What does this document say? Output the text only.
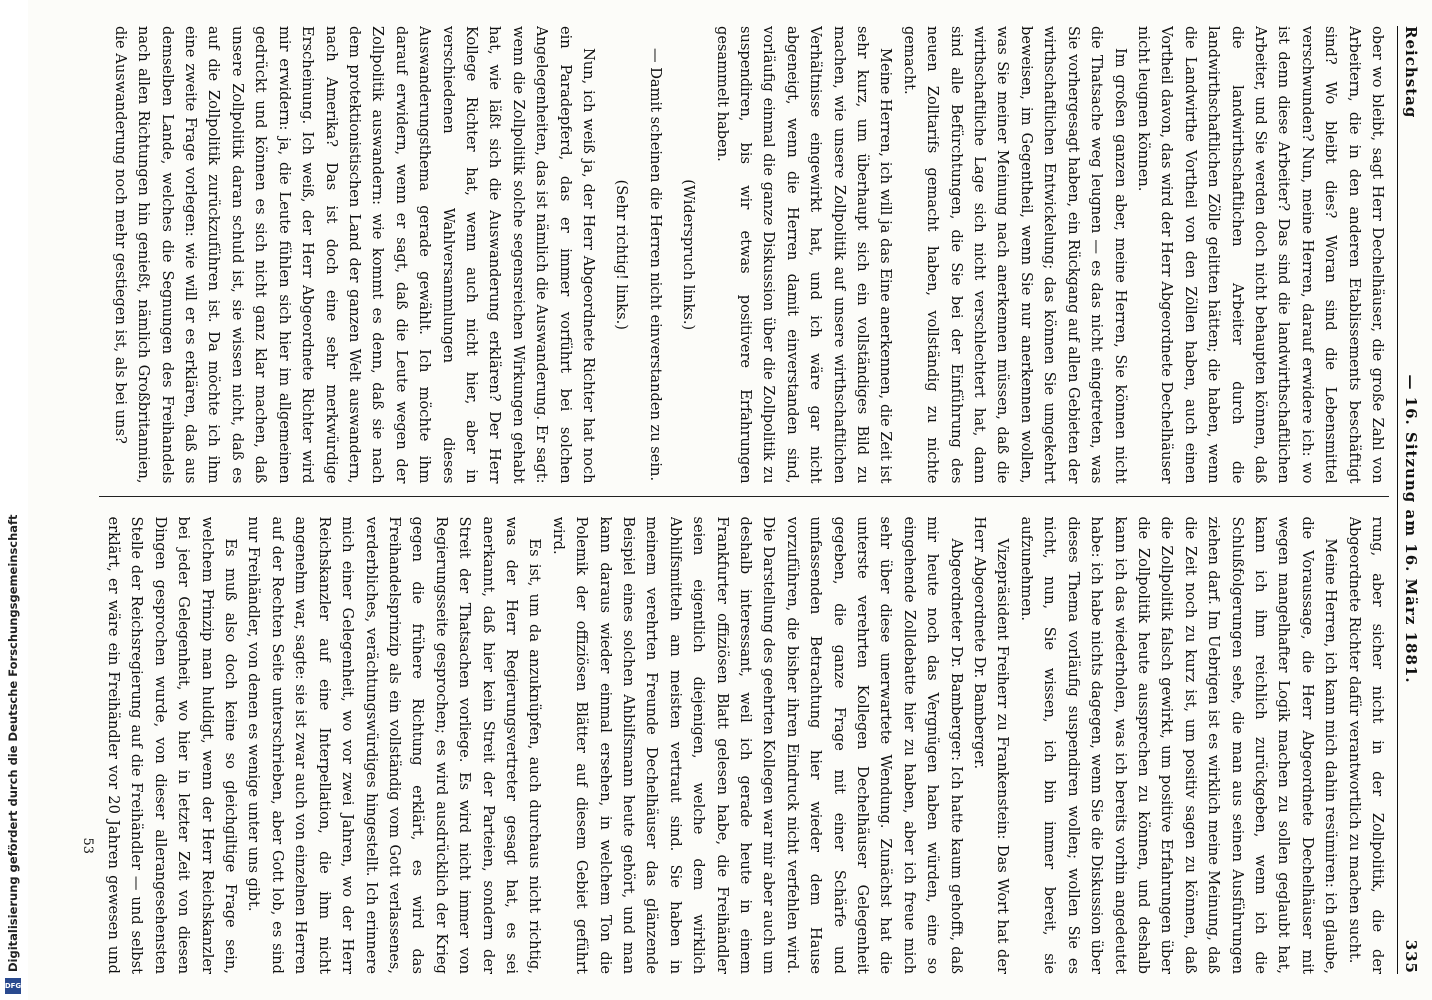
Reichstag
— 16. Sitzung am 16. März 1881.
335

ober wo bleibt, sagt Herr Dechelhäuser, die große Zahl von Arbeitern, die in den anderen Etablissements beschäftigt sind? Wo bleibt dies? Woran sind die Lebensmittel verschwunden? Nun, meine Herren, darauf erwidere ich: wo ist denn diese Arbeiter? Das sind die landwirthschaftlichen Arbeiter, und Sie werden doch nicht behaupten können, daß die landwirthschaftlichen Arbeiter durch die landwirthschaftlichen Zölle gelitten hätten; die haben, wenn die Landwirthe Vortheil von den Zöllen haben, auch einen Vortheil davon, das wird der Herr Abgeordnete Dechelhäuser nicht leugnen können.

Im großen ganzen aber, meine Herren, Sie können nicht die Thatsache weg leugnen — es das nicht eingetreten, was Sie vorhergesagt haben, ein Rückgang auf allen Gebieten der wirthschaftlichen Entwickelung; das können Sie umgekehrt beweisen, im Gegentheil, wenn Sie nur anerkennen wollen, was Sie meiner Meinung nach anerkennen müssen, daß die wirthschaftliche Lage sich nicht verschlechtert hat, dann sind alle Befürchtungen, die Sie bei der Einführung des neuen Zolltarifs gemacht haben, vollständig zu nichte gemacht.

Meine Herren, ich will ja das Eine anerkennen, die Zeit ist sehr kurz, um überhaupt sich ein vollständiges Bild zu machen, wie unsere Zollpolitik auf unsere wirthschaftlichen Verhältnisse eingewirkt hat, und ich wäre gar nicht abgeneigt, wenn die Herren damit einverstanden sind, vorläufig einmal die ganze Diskussion über die Zollpolitik zu suspendiren, bis wir etwas positivere Erfahrungen gesammelt haben.

(Widerspruch links.)

— Damit scheinen die Herren nicht einverstanden zu sein.

(Sehr richtig! links.)

Nun, ich weiß ja, der Herr Abgeordnete Richter hat noch ein Paradepferd, das er immer vorführt bei solchen Angelegenheiten, das ist nämlich die Auswanderung. Er sagt: wenn die Zollpolitik solche segensreichen Wirkungen gehabt hat, wie läßt sich die Auswanderung erklären? Der Herr Kollege Richter hat, wenn auch nicht hier, aber in verschiedenen Wahlversammlungen dieses Auswanderungsthema gerade gewählt. Ich möchte ihm darauf erwidern, wenn er sagt, daß die Leute wegen der Zollpolitik auswandern: wie kommt es denn, daß sie nach dem protektionistischen Land der ganzen Welt auswandern, nach Amerika? Das ist doch eine sehr merkwürdige Erscheinung. Ich weiß, der Herr Abgeordnete Richter wird mir erwidern: ja, die Leute fühlen sich hier im allgemeinen gedrückt und können es sich nicht ganz klar machen, daß unsere Zollpolitik daran schuld ist, sie wissen nicht, daß es auf die Zollpolitik zurückzuführen ist. Da möchte ich ihm eine zweite Frage vorlegen: wie will er es erklären, daß aus demselben Lande, welches die Segnungen des Freihandels nach allen Richtungen hin genießt, nämlich Großbritannien, die Auswanderung noch mehr gestiegen ist, als bei uns?

rung, aber sicher nicht in der Zollpolitik, die der Abgeordnete Richter dafür verantwortlich zu machen sucht.

Meine Herren, ich kann mich dahin resümiren: ich glaube, die Voraussage, die Herr Abgeordnete Dechelhäuser mit wegen mangelhafter Logik machen zu sollen geglaubt hat, kann ich ihm reichlich zurückgeben, wenn ich die Schlußfolgerungen sehe, die man aus seinen Ausführungen ziehen darf. Im Uebrigen ist es wirklich meine Meinung, daß die Zeit noch zu kurz ist, um positiv sagen zu können, daß die Zollpolitik falsch gewirkt, um positive Erfahrungen über die Zollpolitik heute aussprechen zu können, und deshalb kann ich das wiederholen, was ich bereits vorhin angedeutet habe: ich habe nichts dagegen, wenn Sie die Diskussion über dieses Thema vorläufig suspendiren wollen; wollen Sie es nicht, nun, Sie wissen, ich bin immer bereit, sie aufzunehmen.

Vizepräsident Freiherr zu Frankenstein: Das Wort hat der Herr Abgeordnete Dr. Bamberger.

Abgeordneter Dr. Bamberger: Ich hatte kaum gehofft, daß mir heute noch das Vergnügen haben würden, eine so eingehende Zolldebatte hier zu haben, aber ich freue mich sehr über diese unerwartete Wendung. Zunächst hat die unterste verehrten Kollegen Dechelhäuser Gelegenheit gegeben, die ganze Frage mit einer Schärfe und umfassenden Betrachtung hier wieder dem Hause vorzuführen, die bisher ihren Eindruck nicht verfehlen wird. Die Darstellung des geehrten Kollegen war mir aber auch um deshalb interessant, weil ich gerade heute in einem Frankfurter offiziösen Blatt gelesen habe, die Freihändler seien eigentlich diejenigen, welche dem wirklich Abhilfsmitteln am meisten vertraut sind. Sie haben in meinem verehrten Freunde Dechelhäuser das glänzende Beispiel eines solchen Ahbilfsmann heute gehört, und man kann daraus wieder einmal ersehen, in welchem Ton die Polemik der offiziösen Blätter auf diesem Gebiet geführt wird.

Es ist, um da anzuknüpfen, auch durchaus nicht richtig, was der Herr Regierungsvertreter gesagt hat, es sei anerkannt, daß hier kein Streit der Parteien, sondern der Streit der Thatsachen vorliege. Es wird nicht immer von Regierungsseite gesprochen; es wird ausdrücklich der Krieg gegen die frühere Richtung erklärt, es wird das Freihandelsprinzip als ein vollständig vom Gott verlassenes, verderbliches, verächtungswürdiges hingestellt. Ich erinnere mich einer Gelegenheit, wo vor zwei Jahren, wo der Herr Reichskanzler auf eine Interpellation, die ihm nicht angenehm war, sagte: sie ist zwar auch von einzelnen Herren auf der Rechten Seite unterschrieben, aber Gott lob, es sind nur Freihändler, von denen es wenige unter uns gibt.

Es muß also doch keine so gleichgiltige Frage sein, welchem Prinzip man huldigt, wenn der Herr Reichskanzler bei jeder Gelegenheit, wo hier in letzter Zeit von diesen Dingen gesprochen wurde, von dieser allerangesehensten Stelle der Reichsregierung auf die Freihändler — und selbst erklärt, er wäre ein Freihändler vor 20 Jahren gewesen und

53
Digitalisierung gefördert durch die Deutsche Forschungsgemeinschaft
DFG
